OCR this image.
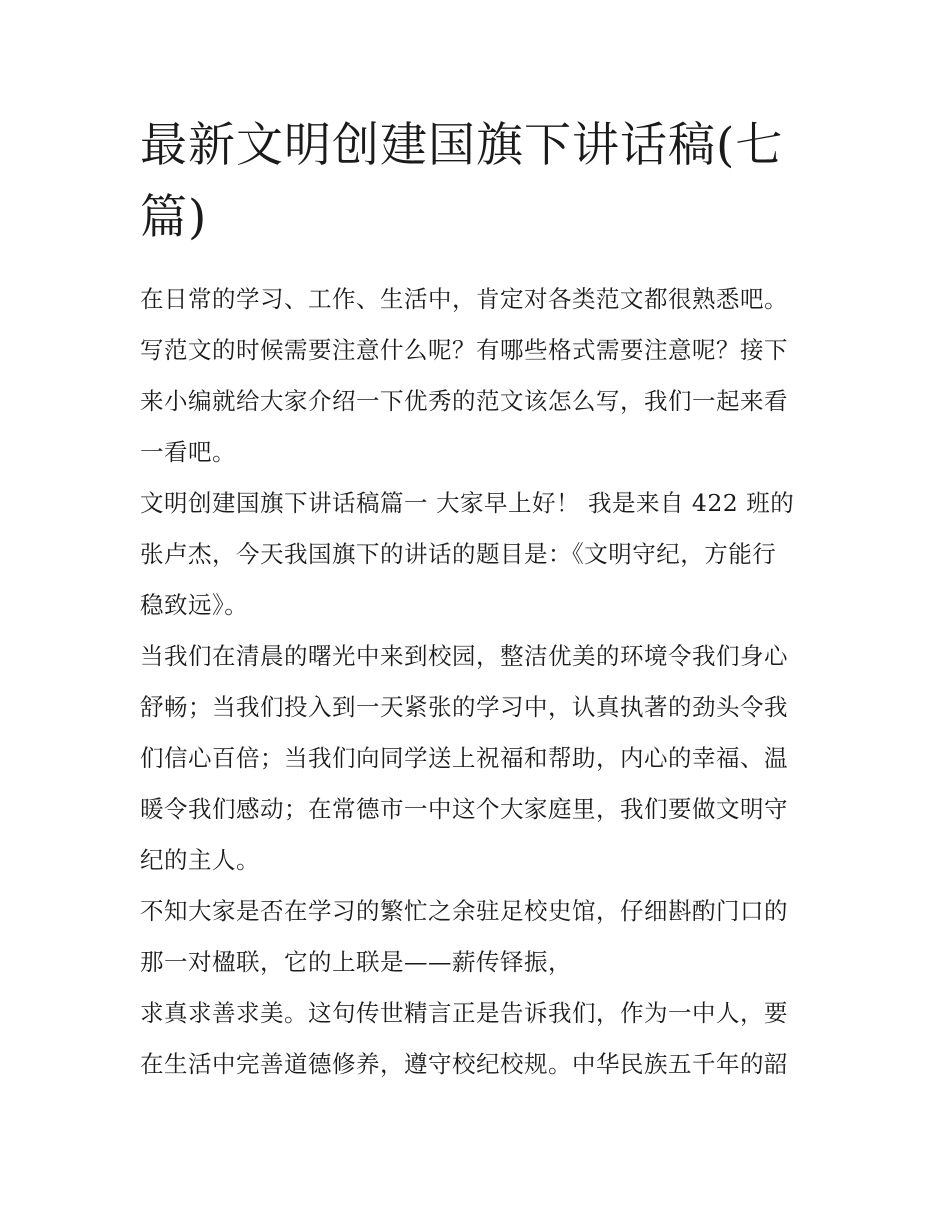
最新文明创建国旗下讲话稿(七
篇)
在日常的学习、工作、生活中，肯定对各类范文都很熟悉吧。
写范文的时候需要注意什么呢？有哪些格式需要注意呢？接下
来小编就给大家介绍一下优秀的范文该怎么写，我们一起来看
一看吧。
文明创建国旗下讲话稿篇一 大家早上好！ 我是来自 422 班的
张卢杰，今天我国旗下的讲话的题目是：《文明守纪，方能行
稳致远》。
当我们在清晨的曙光中来到校园，整洁优美的环境令我们身心
舒畅；当我们投入到一天紧张的学习中，认真执著的劲头令我
们信心百倍；当我们向同学送上祝福和帮助，内心的幸福、温
暖令我们感动；在常德市一中这个大家庭里，我们要做文明守
纪的主人。
不知大家是否在学习的繁忙之余驻足校史馆，仔细斟酌门口的
那一对楹联，它的上联是——薪传铎振，
求真求善求美。这句传世精言正是告诉我们，作为一中人，要
在生活中完善道德修养，遵守校纪校规。中华民族五千年的韶
